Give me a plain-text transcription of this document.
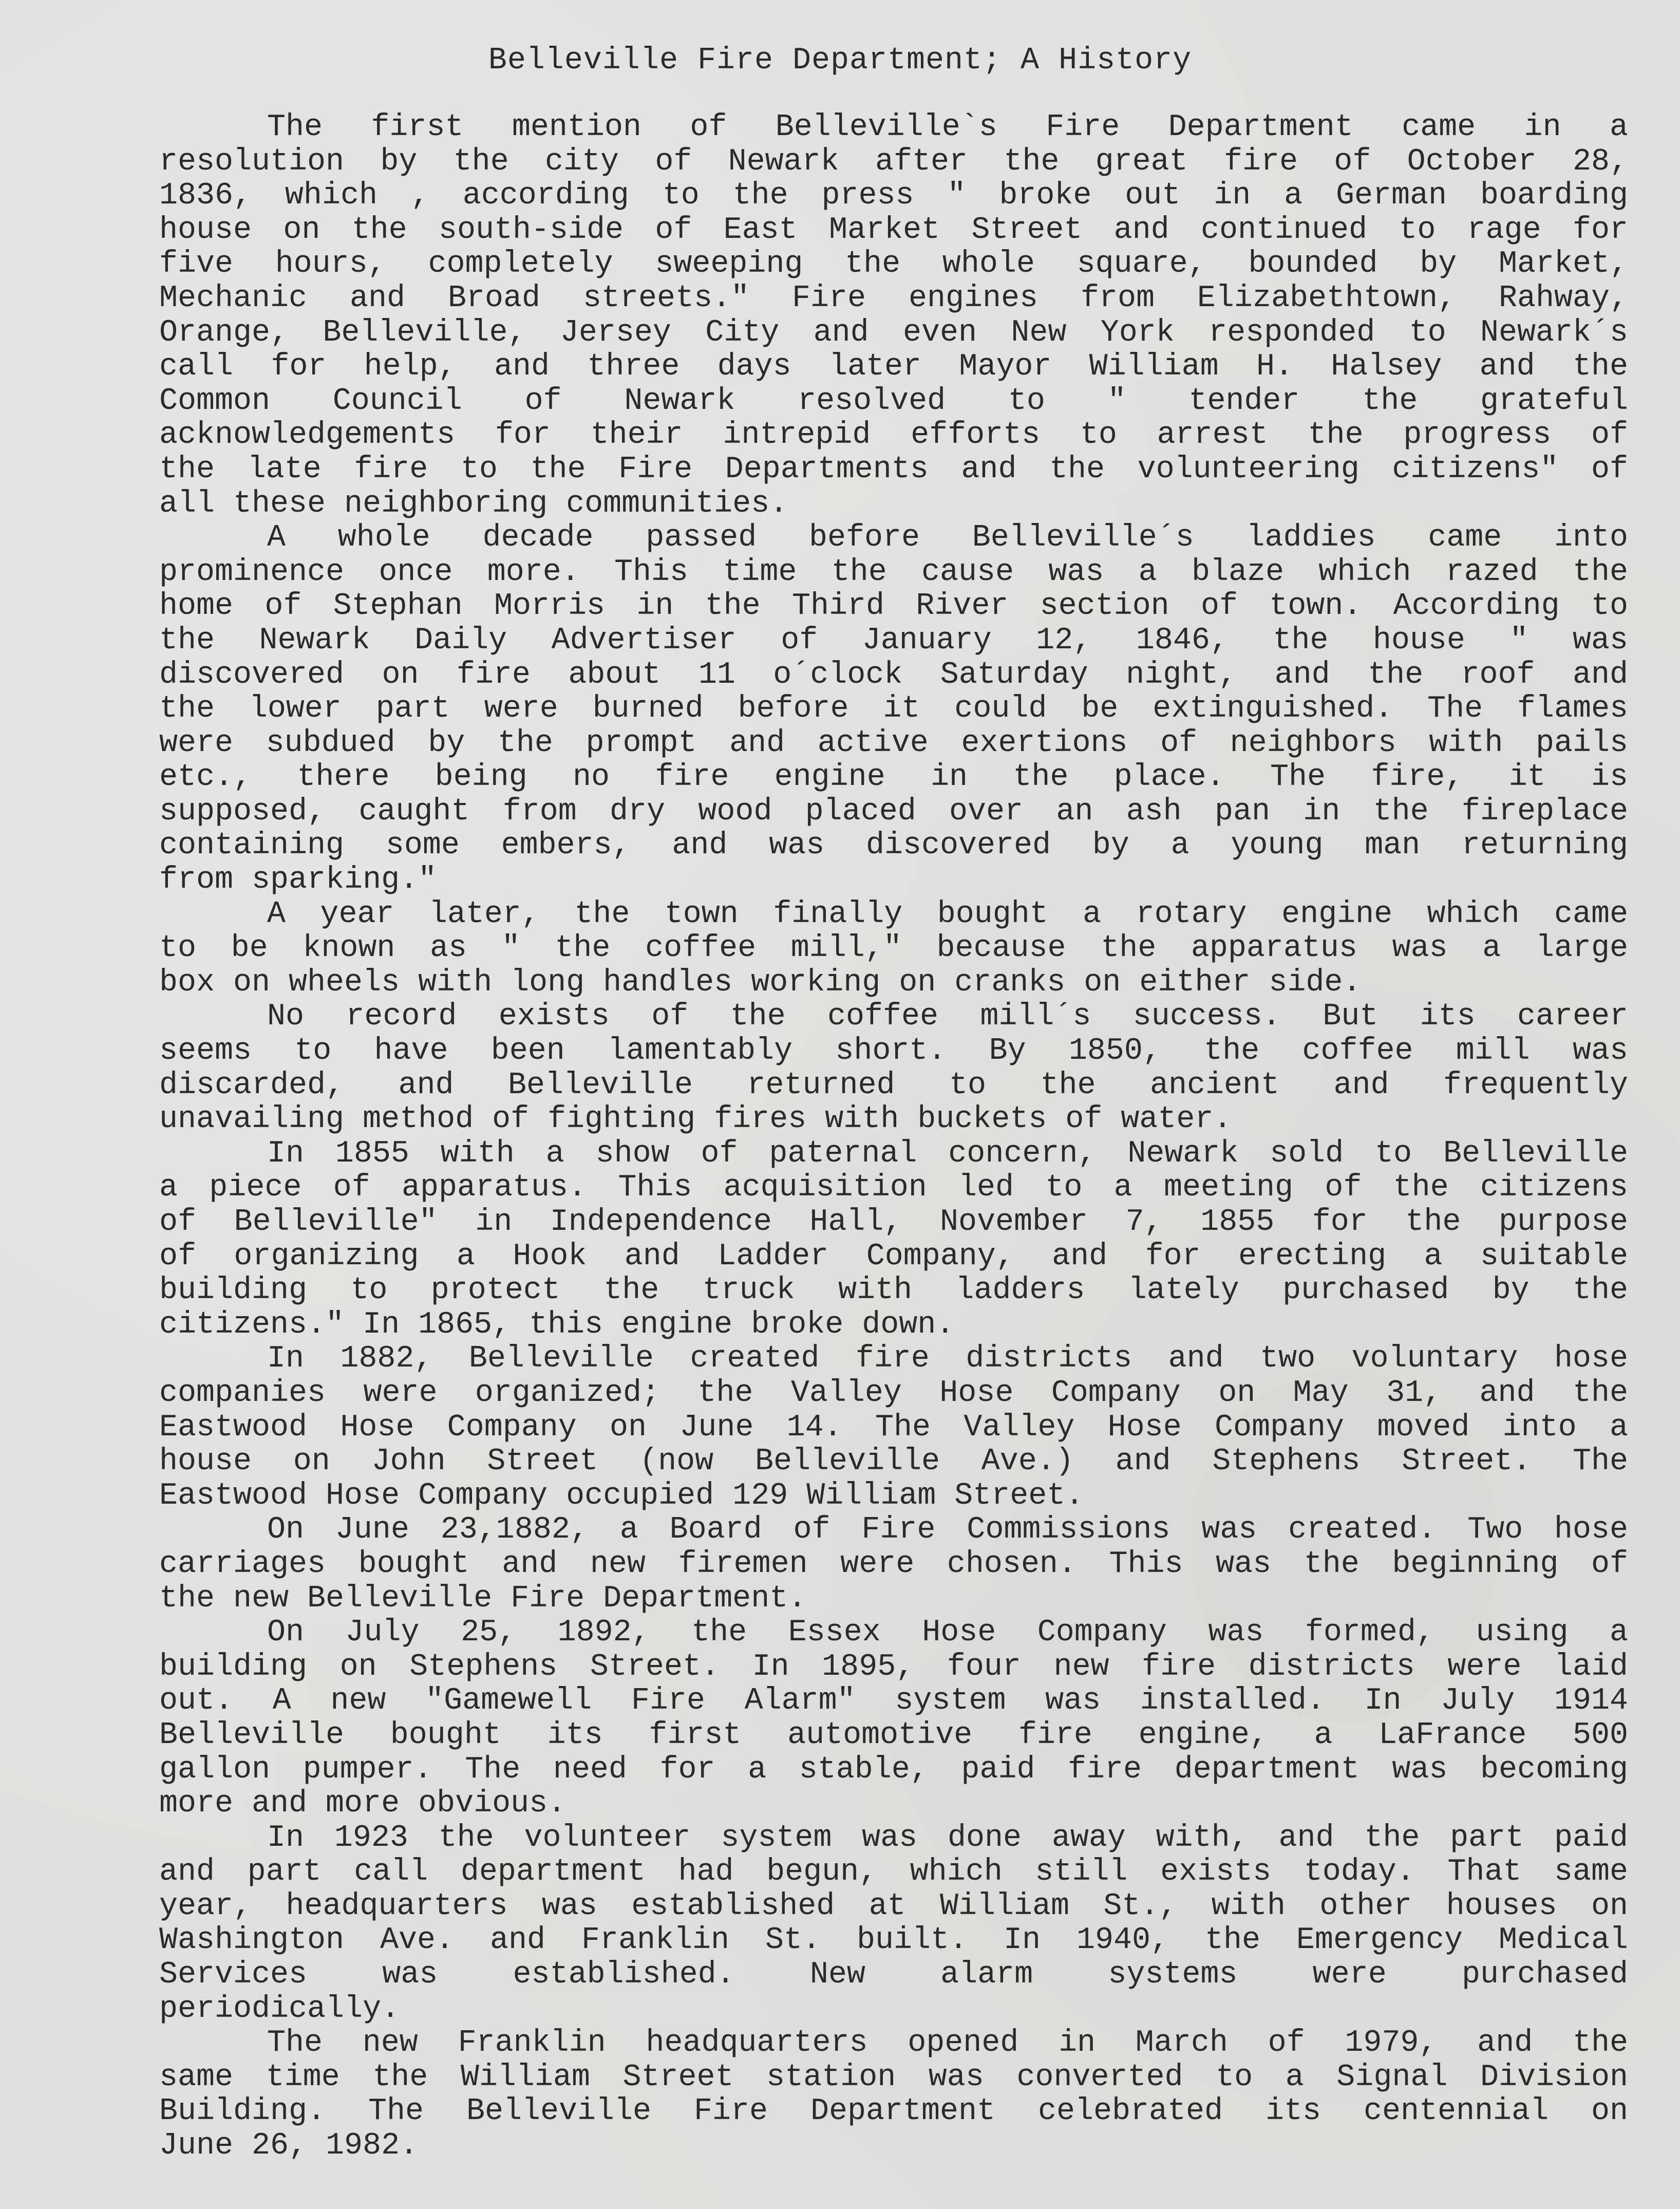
Belleville Fire Department; A History
The first mention of Belleville`s Fire Department came in a
resolution by the city of Newark after the great fire of October 28,
1836, which , according to the press " broke out in a German boarding
house on the south-side of East Market Street and continued to rage for
five hours, completely sweeping the whole square, bounded by Market,
Mechanic and Broad streets." Fire engines from Elizabethtown, Rahway,
Orange, Belleville, Jersey City and even New York responded to Newark´s
call for help, and three days later Mayor William H. Halsey and the
Common Council of Newark resolved to " tender the grateful
acknowledgements for their intrepid efforts to arrest the progress of
the late fire to the Fire Departments and the volunteering citizens" of
all these neighboring communities.
A whole decade passed before Belleville´s laddies came into
prominence once more. This time the cause was a blaze which razed the
home of Stephan Morris in the Third River section of town. According to
the Newark Daily Advertiser of January 12, 1846, the house " was
discovered on fire about 11 o´clock Saturday night, and the roof and
the lower part were burned before it could be extinguished. The flames
were subdued by the prompt and active exertions of neighbors with pails
etc., there being no fire engine in the place. The fire, it is
supposed, caught from dry wood placed over an ash pan in the fireplace
containing some embers, and was discovered by a young man returning
from sparking."
A year later, the town finally bought a rotary engine which came
to be known as " the coffee mill," because the apparatus was a large
box on wheels with long handles working on cranks on either side.
No record exists of the coffee mill´s success. But its career
seems to have been lamentably short. By 1850, the coffee mill was
discarded, and Belleville returned to the ancient and frequently
unavailing method of fighting fires with buckets of water.
In 1855 with a show of paternal concern, Newark sold to Belleville
a piece of apparatus. This acquisition led to a meeting of the citizens
of Belleville" in Independence Hall, November 7, 1855 for the purpose
of organizing a Hook and Ladder Company, and for erecting a suitable
building to protect the truck with ladders lately purchased by the
citizens." In 1865, this engine broke down.
In 1882, Belleville created fire districts and two voluntary hose
companies were organized; the Valley Hose Company on May 31, and the
Eastwood Hose Company on June 14. The Valley Hose Company moved into a
house on John Street (now Belleville Ave.) and Stephens Street. The
Eastwood Hose Company occupied 129 William Street.
On June 23,1882, a Board of Fire Commissions was created. Two hose
carriages bought and new firemen were chosen. This was the beginning of
the new Belleville Fire Department.
On July 25, 1892, the Essex Hose Company was formed, using a
building on Stephens Street. In 1895, four new fire districts were laid
out. A new "Gamewell Fire Alarm" system was installed. In July 1914
Belleville bought its first automotive fire engine, a LaFrance 500
gallon pumper. The need for a stable, paid fire department was becoming
more and more obvious.
In 1923 the volunteer system was done away with, and the part paid
and part call department had begun, which still exists today. That same
year, headquarters was established at William St., with other houses on
Washington Ave. and Franklin St. built. In 1940, the Emergency Medical
Services was established. New alarm systems were purchased
periodically.
The new Franklin headquarters opened in March of 1979, and the
same time the William Street station was converted to a Signal Division
Building. The Belleville Fire Department celebrated its centennial on
June 26, 1982.
